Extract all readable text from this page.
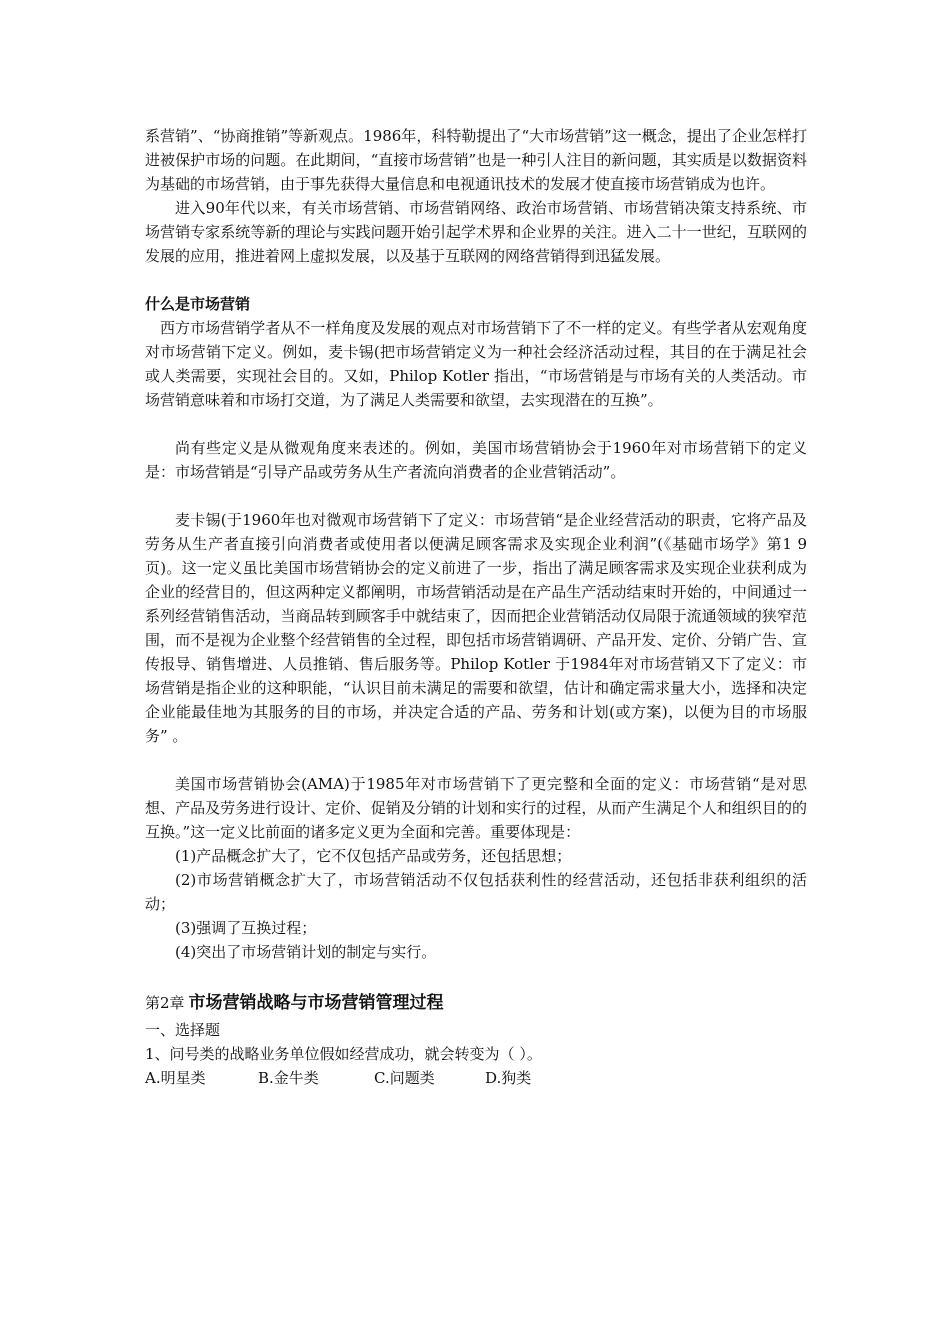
系营销”、“协商推销”等新观点。1986年，科特勒提出了“大市场营销”这一概念，提出了企业怎样打进被保护市场的问题。在此期间，“直接市场营销”也是一种引人注目的新问题，其实质是以数据资料为基础的市场营销，由于事先获得大量信息和电视通讯技术的发展才使直接市场营销成为也许。

进入90年代以来，有关市场营销、市场营销网络、政治市场营销、市场营销决策支持系统、市场营销专家系统等新的理论与实践问题开始引起学术界和企业界的关注。进入二十一世纪，互联网的发展的应用，推进着网上虚拟发展，以及基于互联网的网络营销得到迅猛发展。

什么是市场营销

西方市场营销学者从不一样角度及发展的观点对市场营销下了不一样的定义。有些学者从宏观角度对市场营销下定义。例如，麦卡锡(把市场营销定义为一种社会经济活动过程，其目的在于满足社会或人类需要，实现社会目的。又如，Philop Kotler 指出，“市场营销是与市场有关的人类活动。市场营销意味着和市场打交道，为了满足人类需要和欲望，去实现潜在的互换”。

尚有些定义是从微观角度来表述的。例如，美国市场营销协会于1960年对市场营销下的定义是：市场营销是“引导产品或劳务从生产者流向消费者的企业营销活动”。

麦卡锡(于1960年也对微观市场营销下了定义：市场营销“是企业经营活动的职责，它将产品及劳务从生产者直接引向消费者或使用者以便满足顾客需求及实现企业利润”(《基础市场学》第1 9页)。这一定义虽比美国市场营销协会的定义前进了一步，指出了满足顾客需求及实现企业获利成为企业的经营目的，但这两种定义都阐明，市场营销活动是在产品生产活动结束时开始的，中间通过一系列经营销售活动，当商品转到顾客手中就结束了，因而把企业营销活动仅局限于流通领域的狭窄范围，而不是视为企业整个经营销售的全过程，即包括市场营销调研、产品开发、定价、分销广告、宣传报导、销售增进、人员推销、售后服务等。Philop Kotler 于1984年对市场营销又下了定义：市场营销是指企业的这种职能，“认识目前未满足的需要和欲望，估计和确定需求量大小，选择和决定企业能最佳地为其服务的目的市场，并决定合适的产品、劳务和计划(或方案)，以便为目的市场服务” 。

美国市场营销协会(AMA)于1985年对市场营销下了更完整和全面的定义：市场营销“是对思想、产品及劳务进行设计、定价、促销及分销的计划和实行的过程，从而产生满足个人和组织目的的互换。”这一定义比前面的诸多定义更为全面和完善。重要体现是：

(1)产品概念扩大了，它不仅包括产品或劳务，还包括思想；

(2)市场营销概念扩大了，市场营销活动不仅包括获利性的经营活动，还包括非获利组织的活动；

(3)强调了互换过程；

(4)突出了市场营销计划的制定与实行。

第2章 市场营销战略与市场营销管理过程

一、选择题

1、问号类的战略业务单位假如经营成功，就会转变为（ ）。

A.明星类	B.金牛类	C.问题类	D.狗类
